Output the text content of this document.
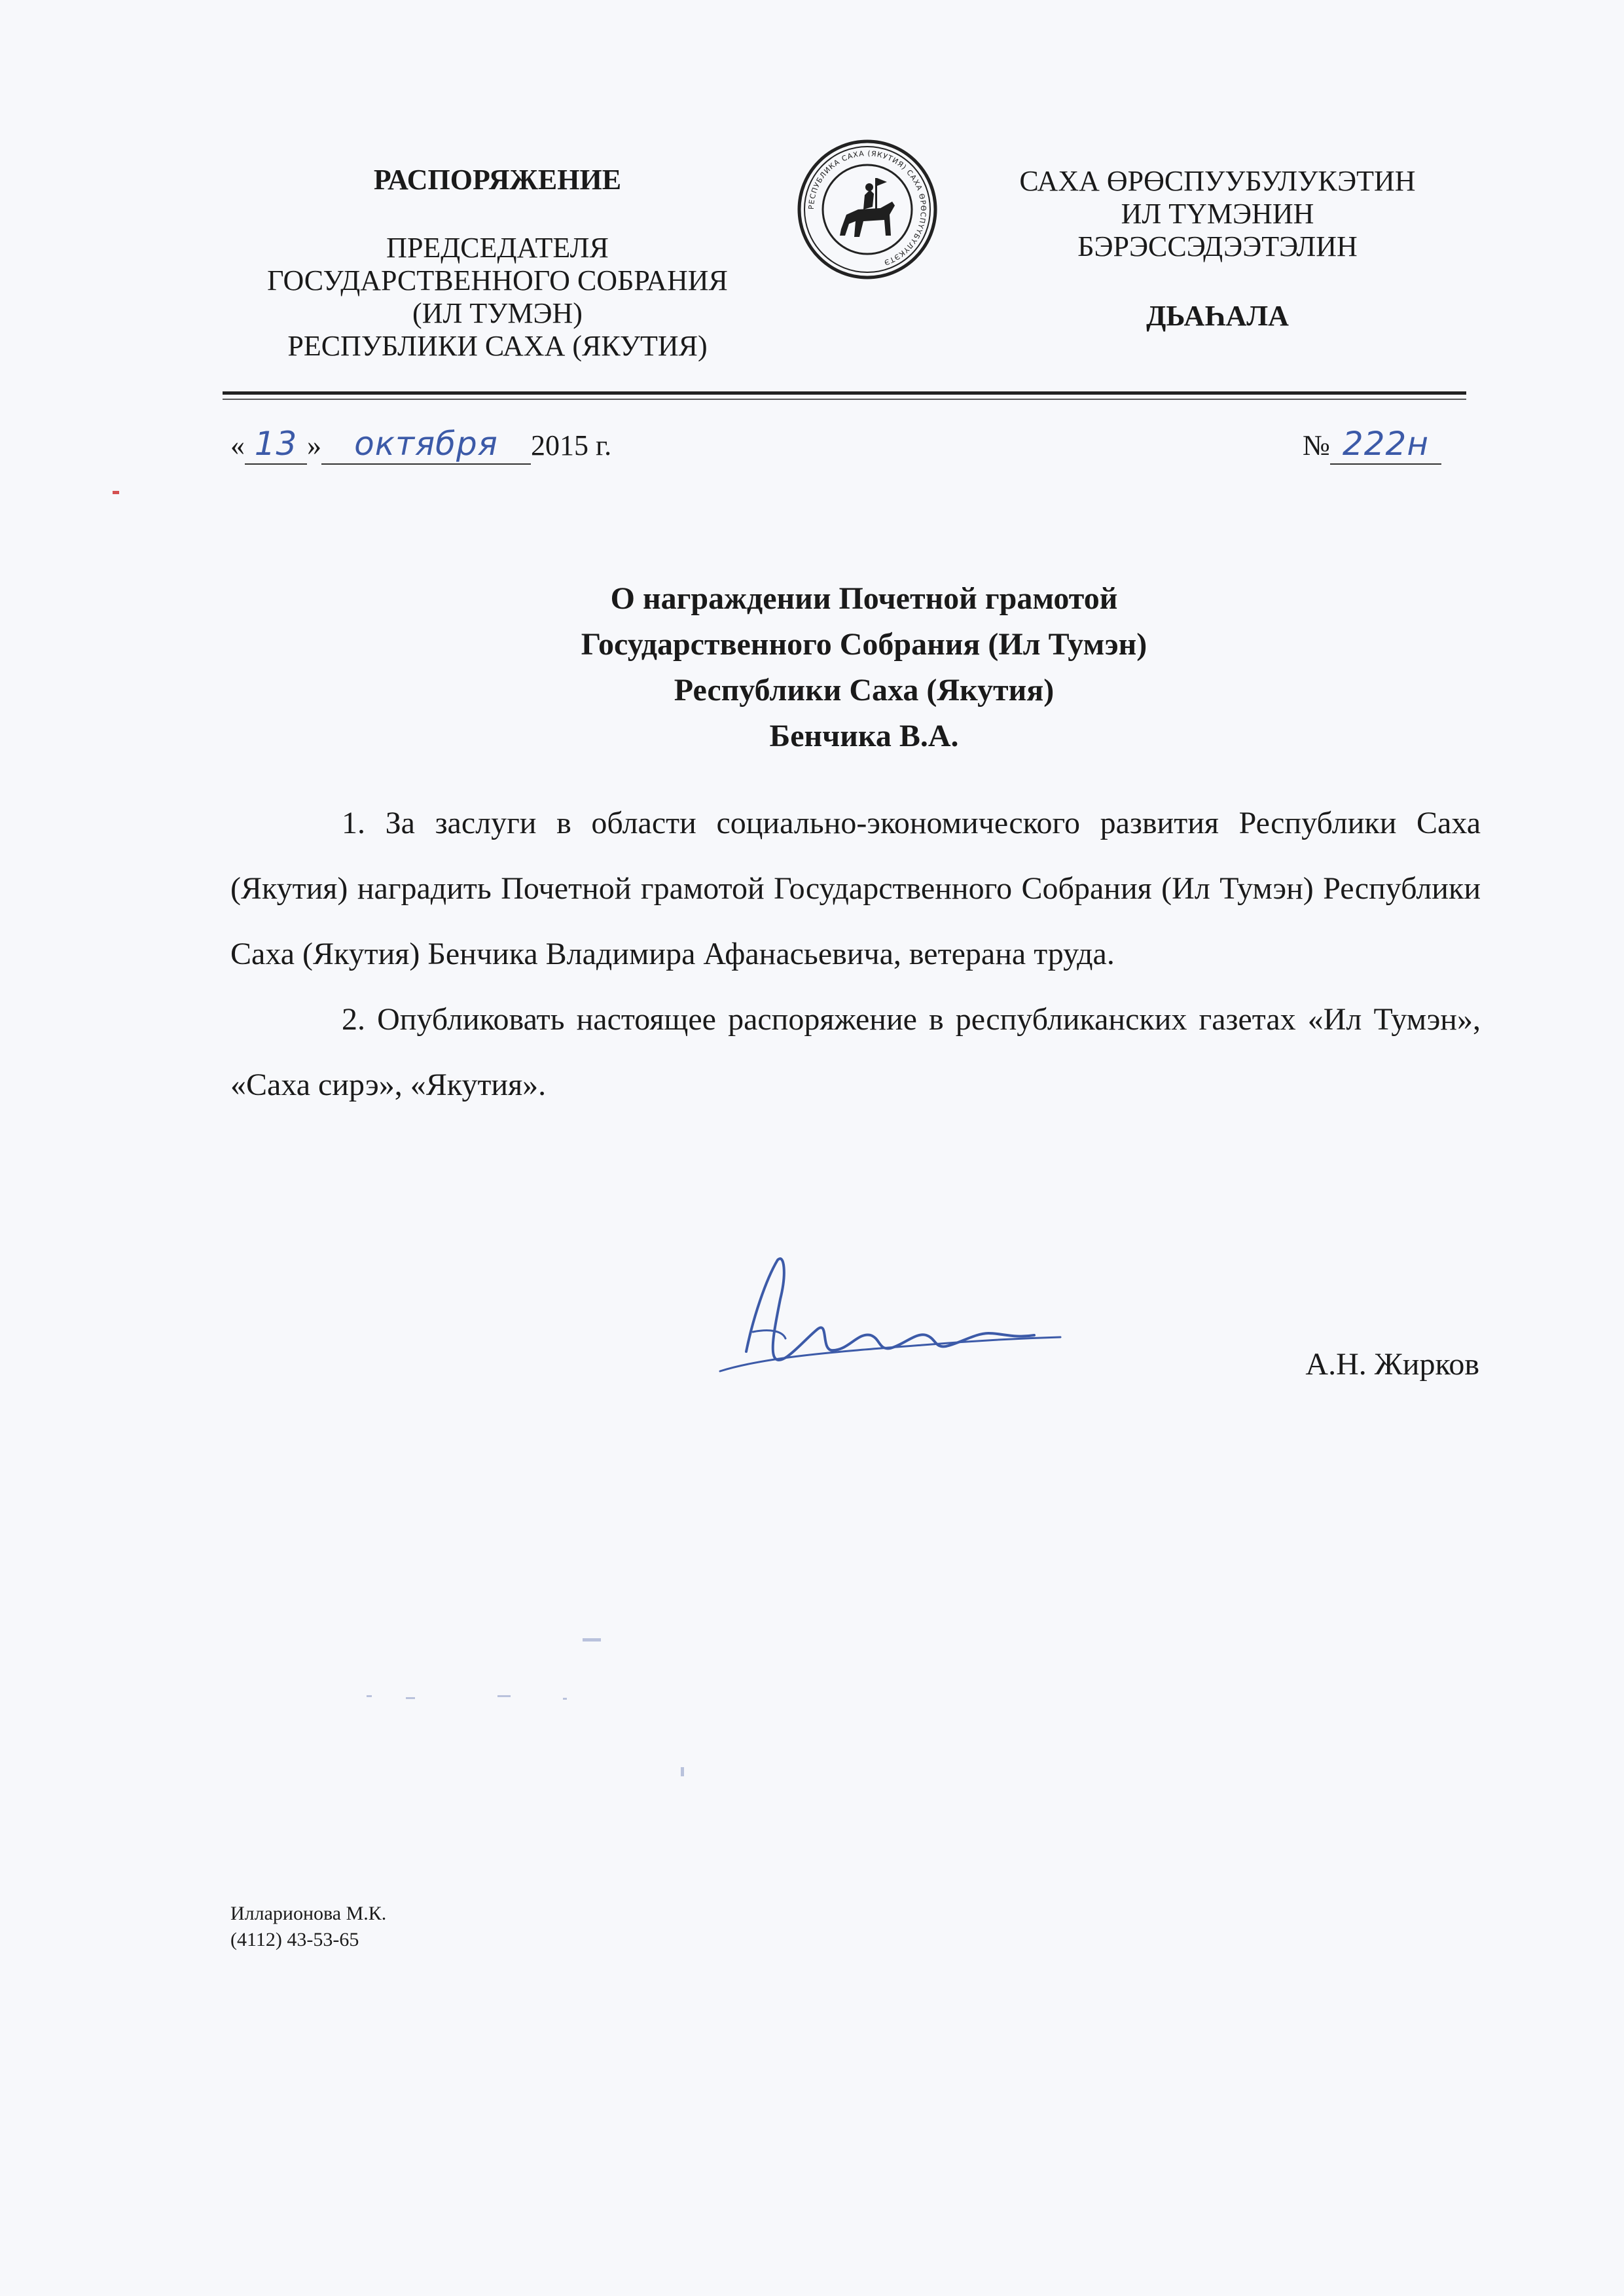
РАСПОРЯЖЕНИЕ
ПРЕДСЕДАТЕЛЯ
ГОСУДАРСТВЕННОГО СОБРАНИЯ
(ИЛ ТУМЭН)
РЕСПУБЛИКИ САХА (ЯКУТИЯ)
РЕСПУБЛИКА САХА (ЯКУТИЯ) САХА ӨРӨСПҮҮБҮЛҮКЭТЭ
САХА ӨРӨСПУУБУЛУКЭТИН
ИЛ ТҮМЭНИН
БЭРЭССЭДЭЭТЭЛИН
ДЬАҺАЛА
« 13 » октября 2015 г.	№ 222н
О награждении Почетной грамотой
Государственного Собрания (Ил Тумэн)
Республики Саха (Якутия)
Бенчика В.А.

1. За заслуги в области социально-экономического развития Республики Саха (Якутия) наградить Почетной грамотой Государственного Собрания (Ил Тумэн) Республики Саха (Якутия) Бенчика Владимира Афанасьевича, ветерана труда.

2. Опубликовать настоящее распоряжение в республиканских газетах «Ил Тумэн», «Саха сирэ», «Якутия».

А.Н. Жирков
Илларионова М.К.
(4112) 43-53-65
